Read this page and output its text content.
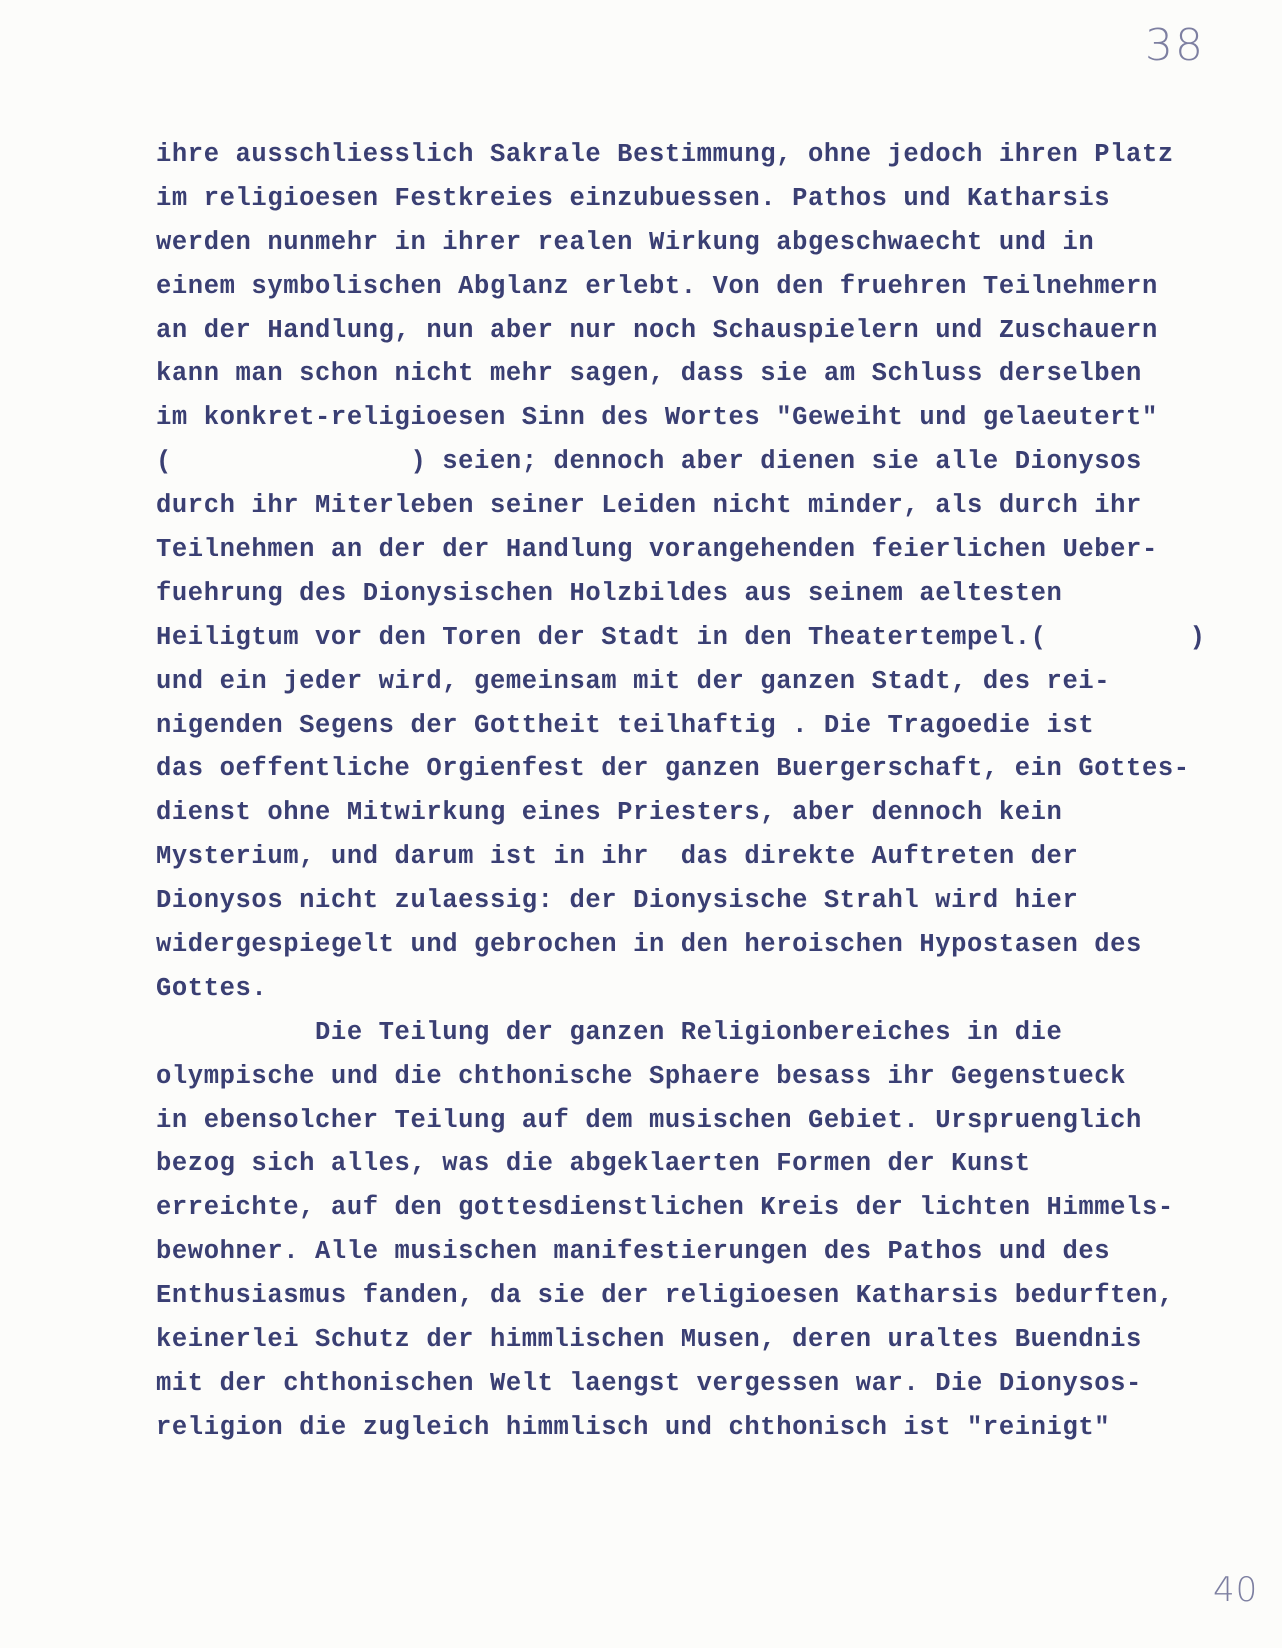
38
ihre ausschliesslich Sakrale Bestimmung, ohne jedoch ihren Platz
im religioesen Festkreies einzubuessen. Pathos und Katharsis
werden nunmehr in ihrer realen Wirkung abgeschwaecht und in
einem symbolischen Abglanz erlebt. Von den fruehren Teilnehmern
an der Handlung, nun aber nur noch Schauspielern und Zuschauern
kann man schon nicht mehr sagen, dass sie am Schluss derselben
im konkret-religioesen Sinn des Wortes "Geweiht und gelaeutert"
(               ) seien; dennoch aber dienen sie alle Dionysos
durch ihr Miterleben seiner Leiden nicht minder, als durch ihr
Teilnehmen an der der Handlung vorangehenden feierlichen Ueber-
fuehrung des Dionysischen Holzbildes aus seinem aeltesten
Heiligtum vor den Toren der Stadt in den Theatertempel.(         )
und ein jeder wird, gemeinsam mit der ganzen Stadt, des rei-
nigenden Segens der Gottheit teilhaftig . Die Tragoedie ist
das oeffentliche Orgienfest der ganzen Buergerschaft, ein Gottes-
dienst ohne Mitwirkung eines Priesters, aber dennoch kein
Mysterium, und darum ist in ihr  das direkte Auftreten der
Dionysos nicht zulaessig: der Dionysische Strahl wird hier
widergespiegelt und gebrochen in den heroischen Hypostasen des
Gottes.
Die Teilung der ganzen Religionbereiches in die
olympische und die chthonische Sphaere besass ihr Gegenstueck
in ebensolcher Teilung auf dem musischen Gebiet. Urspruenglich
bezog sich alles, was die abgeklaerten Formen der Kunst
erreichte, auf den gottesdienstlichen Kreis der lichten Himmels-
bewohner. Alle musischen manifestierungen des Pathos und des
Enthusiasmus fanden, da sie der religioesen Katharsis bedurften,
keinerlei Schutz der himmlischen Musen, deren uraltes Buendnis
mit der chthonischen Welt laengst vergessen war. Die Dionysos-
religion die zugleich himmlisch und chthonisch ist "reinigt"
40
